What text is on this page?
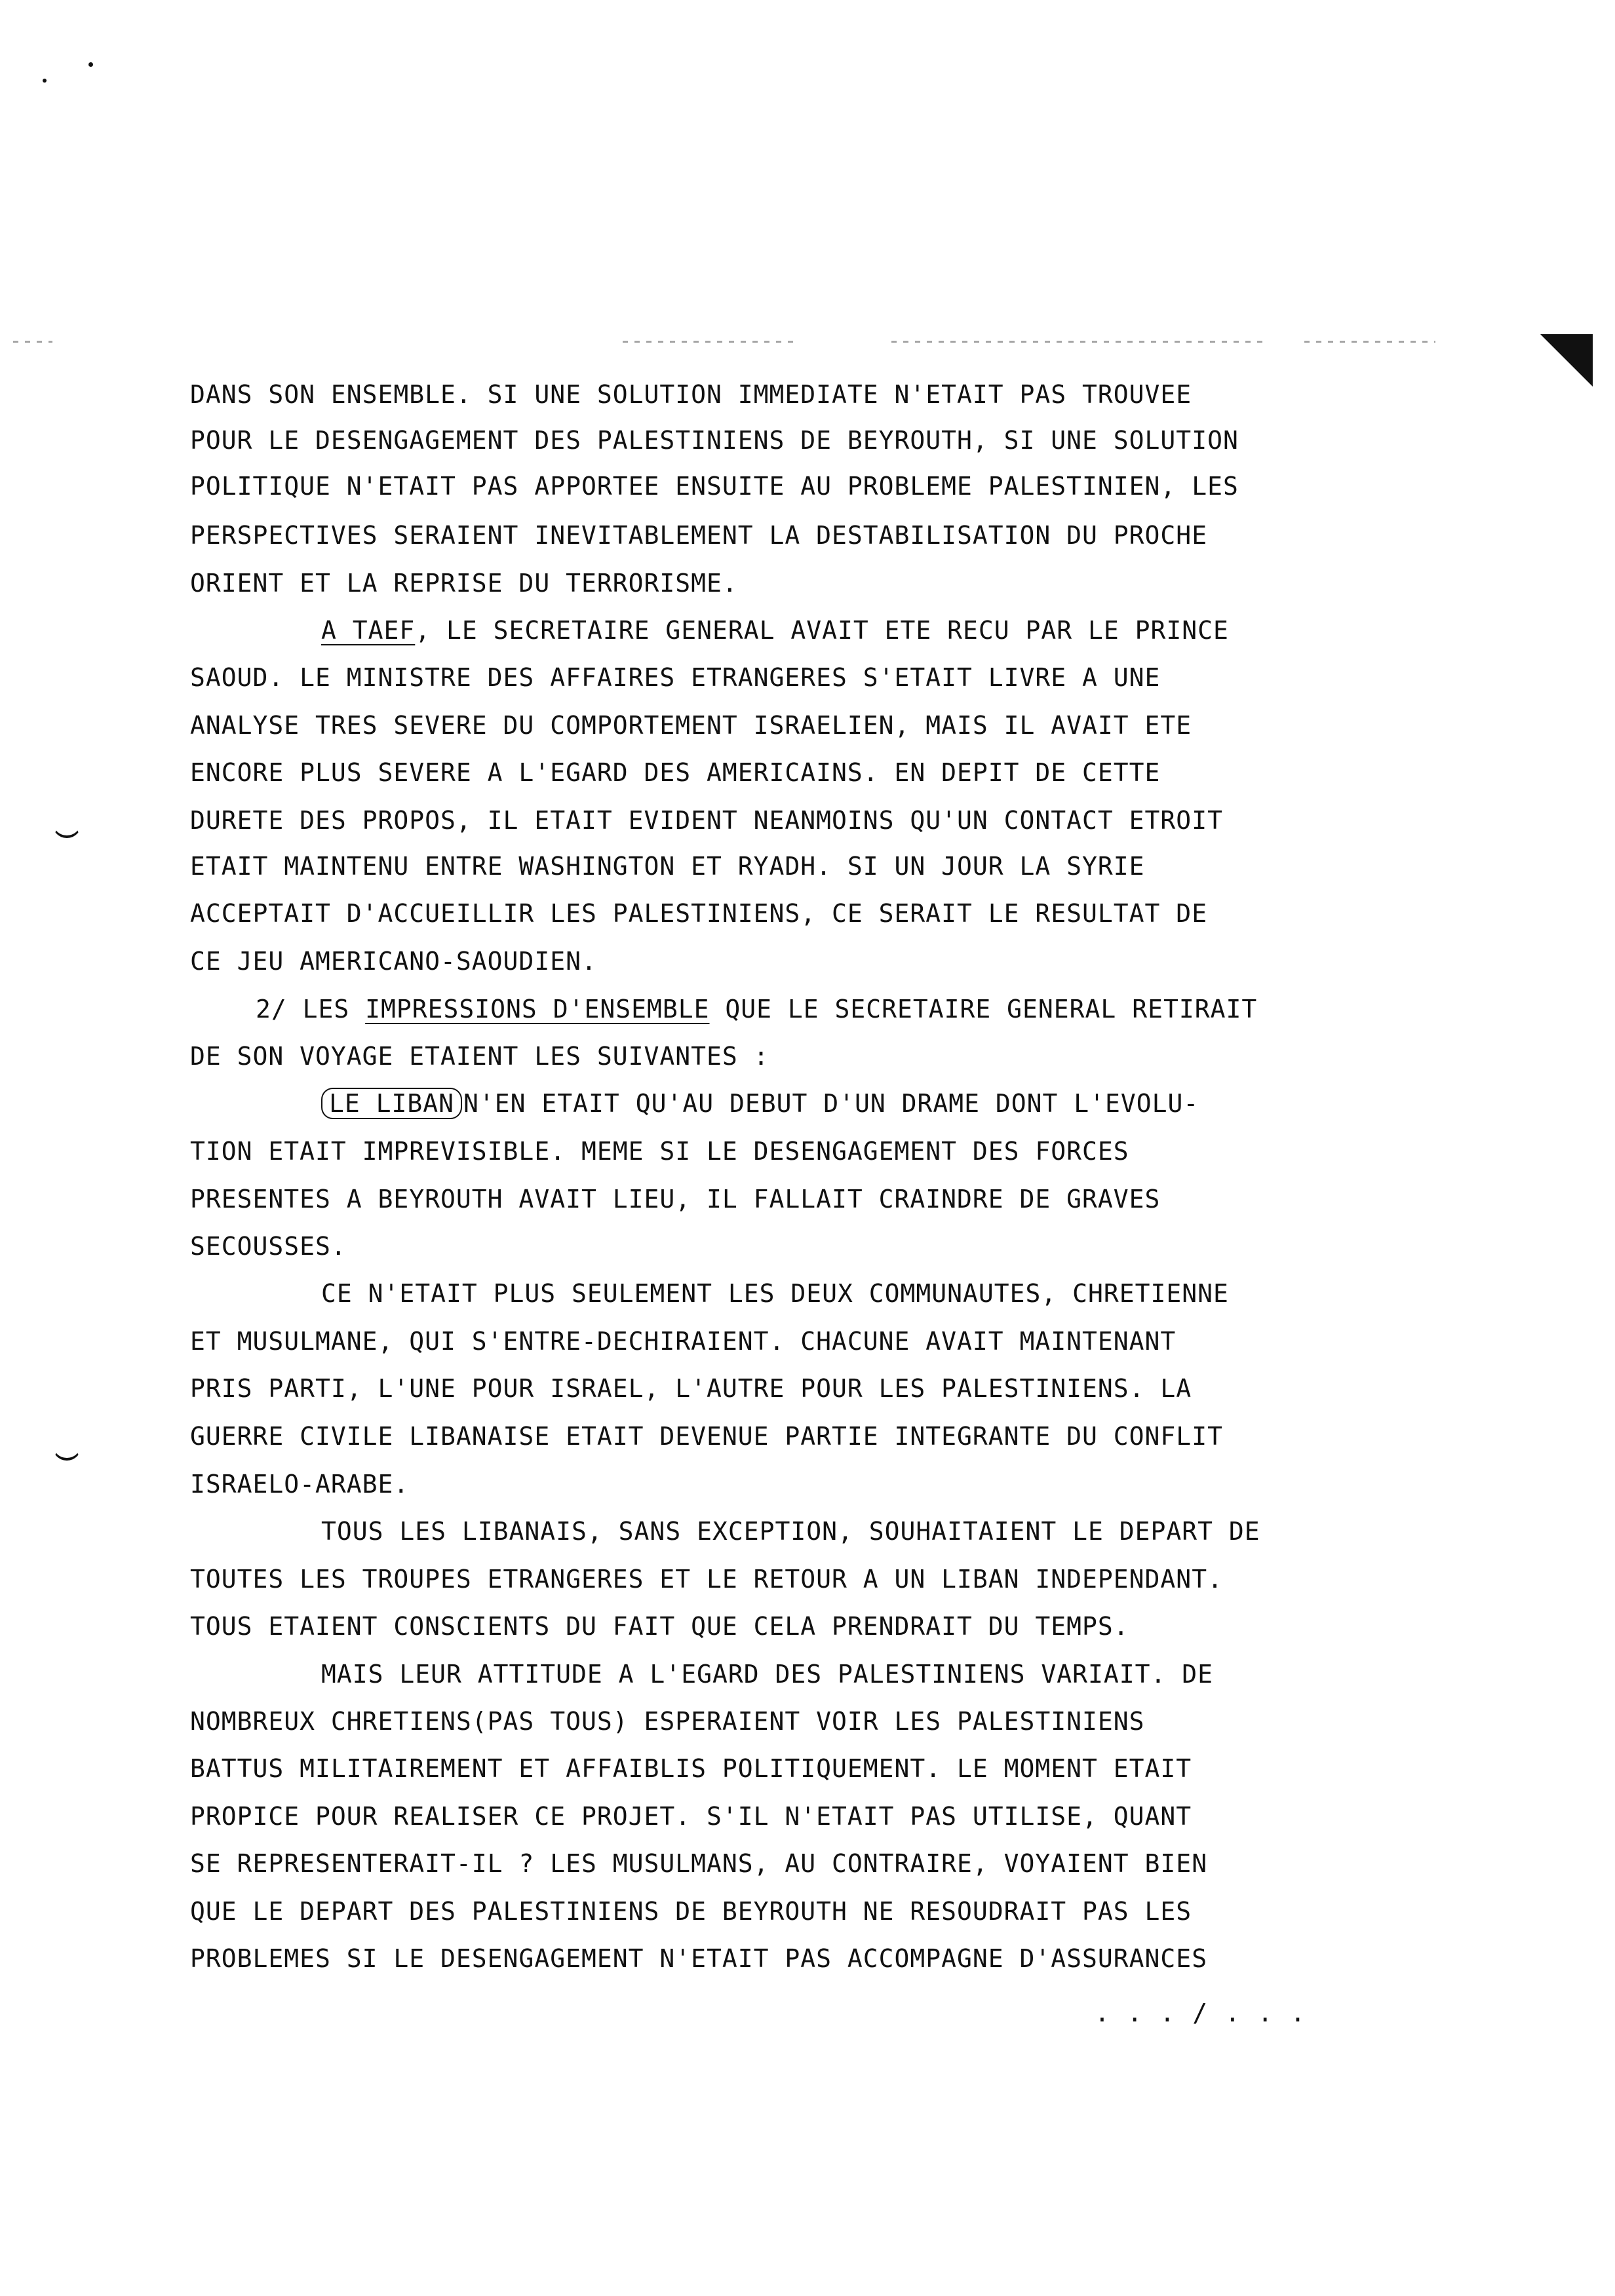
DANS SON ENSEMBLE. SI UNE SOLUTION IMMEDIATE N'ETAIT PAS TROUVEE
POUR LE DESENGAGEMENT DES PALESTINIENS DE BEYROUTH, SI UNE SOLUTION
POLITIQUE N'ETAIT PAS APPORTEE ENSUITE AU PROBLEME PALESTINIEN, LES
PERSPECTIVES SERAIENT INEVITABLEMENT LA DESTABILISATION DU PROCHE
ORIENT ET LA REPRISE DU TERRORISME.
A TAEF, LE SECRETAIRE GENERAL AVAIT ETE RECU PAR LE PRINCE
SAOUD. LE MINISTRE DES AFFAIRES ETRANGERES S'ETAIT LIVRE A UNE
ANALYSE TRES SEVERE DU COMPORTEMENT ISRAELIEN, MAIS IL AVAIT ETE
ENCORE PLUS SEVERE A L'EGARD DES AMERICAINS. EN DEPIT DE CETTE
DURETE DES PROPOS, IL ETAIT EVIDENT NEANMOINS QU'UN CONTACT ETROIT
ETAIT MAINTENU ENTRE WASHINGTON ET RYADH. SI UN JOUR LA SYRIE
ACCEPTAIT D'ACCUEILLIR LES PALESTINIENS, CE SERAIT LE RESULTAT DE
CE JEU AMERICANO-SAOUDIEN.
2/ LES IMPRESSIONS D'ENSEMBLE QUE LE SECRETAIRE GENERAL RETIRAIT
DE SON VOYAGE ETAIENT LES SUIVANTES :
LE LIBAN N'EN ETAIT QU'AU DEBUT D'UN DRAME DONT L'EVOLU-
TION ETAIT IMPREVISIBLE. MEME SI LE DESENGAGEMENT DES FORCES
PRESENTES A BEYROUTH AVAIT LIEU, IL FALLAIT CRAINDRE DE GRAVES
SECOUSSES.
CE N'ETAIT PLUS SEULEMENT LES DEUX COMMUNAUTES, CHRETIENNE
ET MUSULMANE, QUI S'ENTRE-DECHIRAIENT. CHACUNE AVAIT MAINTENANT
PRIS PARTI, L'UNE POUR ISRAEL, L'AUTRE POUR LES PALESTINIENS. LA
GUERRE CIVILE LIBANAISE ETAIT DEVENUE PARTIE INTEGRANTE DU CONFLIT
ISRAELO-ARABE.
TOUS LES LIBANAIS, SANS EXCEPTION, SOUHAITAIENT LE DEPART DE
TOUTES LES TROUPES ETRANGERES ET LE RETOUR A UN LIBAN INDEPENDANT.
TOUS ETAIENT CONSCIENTS DU FAIT QUE CELA PRENDRAIT DU TEMPS.
MAIS LEUR ATTITUDE A L'EGARD DES PALESTINIENS VARIAIT. DE
NOMBREUX CHRETIENS(PAS TOUS) ESPERAIENT VOIR LES PALESTINIENS
BATTUS MILITAIREMENT ET AFFAIBLIS POLITIQUEMENT. LE MOMENT ETAIT
PROPICE POUR REALISER CE PROJET. S'IL N'ETAIT PAS UTILISE, QUANT
SE REPRESENTERAIT-IL ? LES MUSULMANS, AU CONTRAIRE, VOYAIENT BIEN
QUE LE DEPART DES PALESTINIENS DE BEYROUTH NE RESOUDRAIT PAS LES
PROBLEMES SI LE DESENGAGEMENT N'ETAIT PAS ACCOMPAGNE D'ASSURANCES
. . . / . . .
